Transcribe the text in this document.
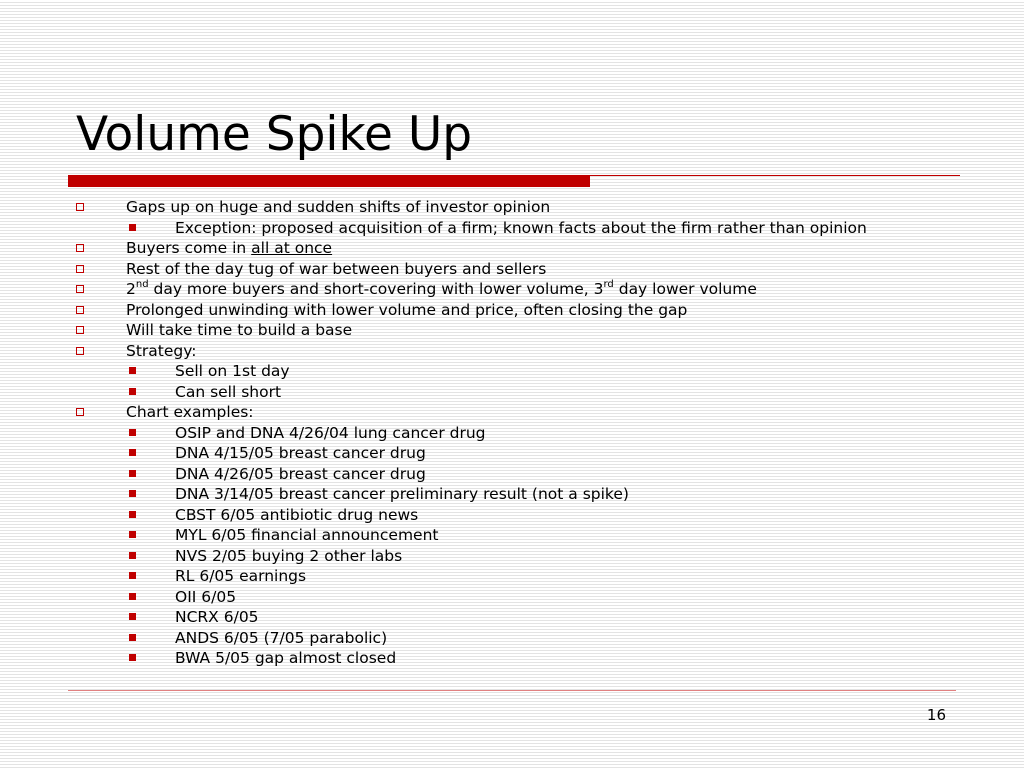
Volume Spike Up
Gaps up on huge and sudden shifts of investor opinion
Exception: proposed acquisition of a firm; known facts about the firm rather than opinion
Buyers come in all at once
Rest of the day tug of war between buyers and sellers
2nd day more buyers and short-covering with lower volume, 3rd day lower volume
Prolonged unwinding with lower volume and price, often closing the gap
Will take time to build a base
Strategy:
Sell on 1st day
Can sell short
Chart examples:
OSIP and DNA 4/26/04 lung cancer drug
DNA 4/15/05 breast cancer drug
DNA 4/26/05 breast cancer drug
DNA 3/14/05 breast cancer preliminary result (not a spike)
CBST 6/05 antibiotic drug news
MYL 6/05 financial announcement
NVS 2/05 buying 2 other labs
RL 6/05 earnings
OII 6/05
NCRX 6/05
ANDS 6/05 (7/05 parabolic)
BWA 5/05 gap almost closed
16
